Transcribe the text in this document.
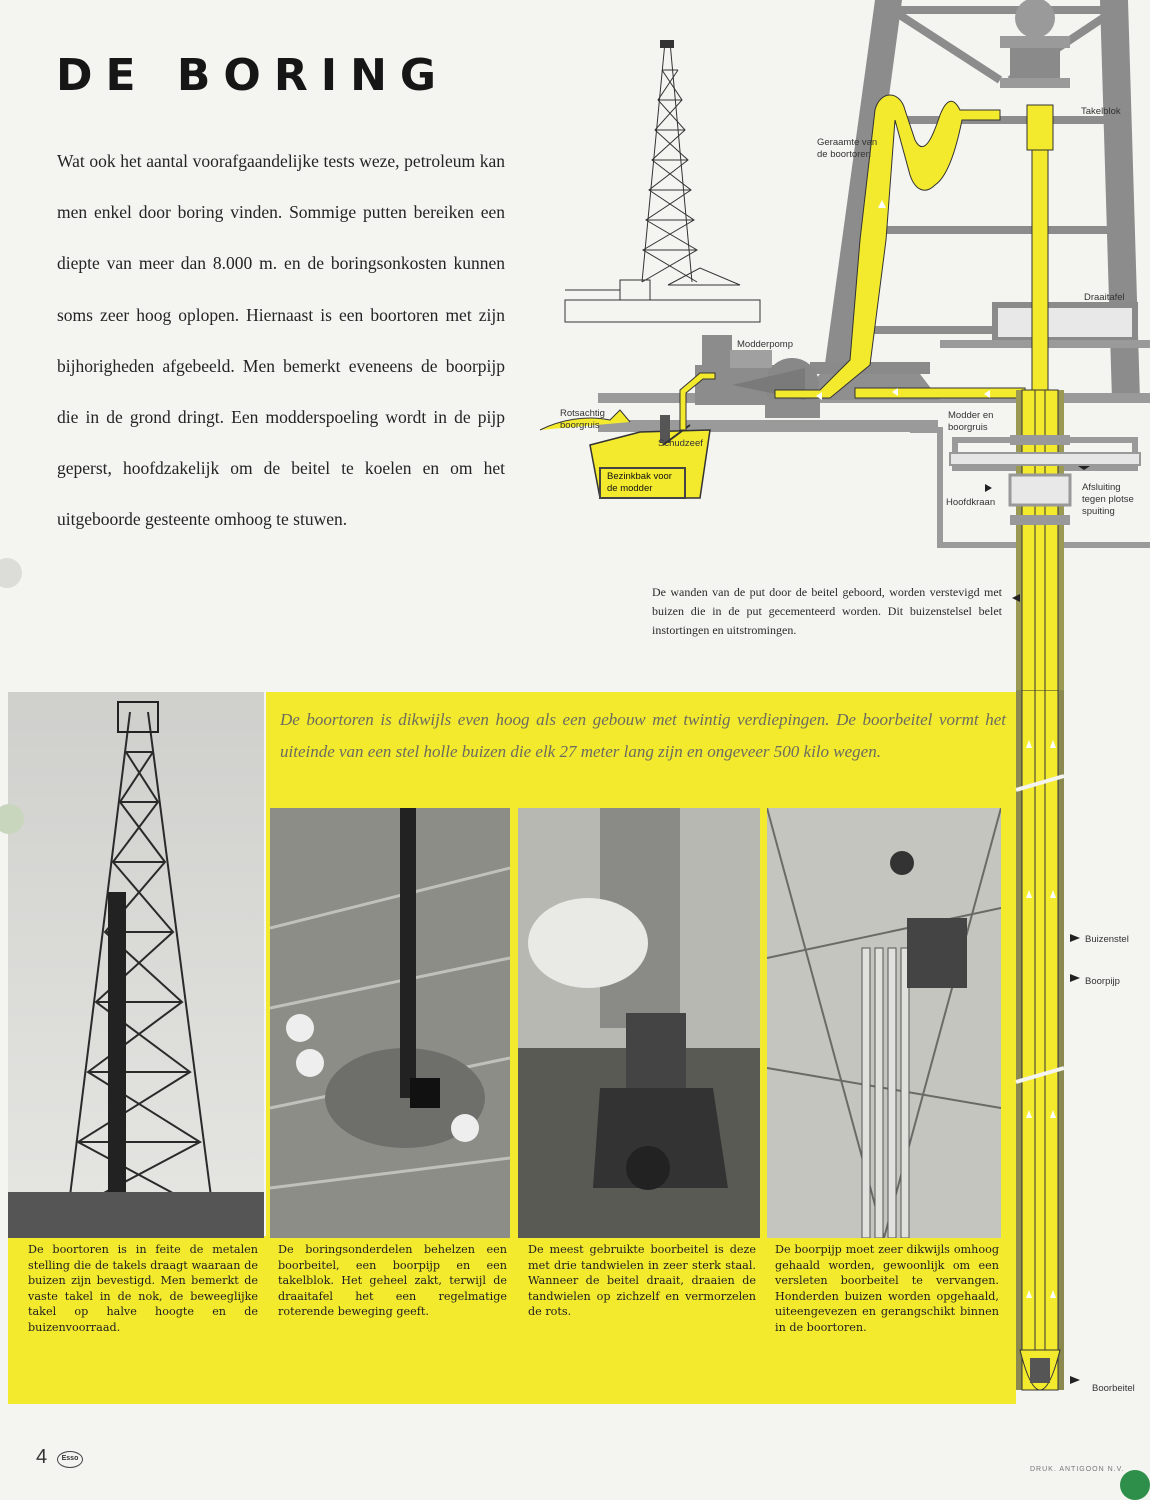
DE BORING

Wat ook het aantal voorafgaandelijke tests weze, petroleum kan men enkel door boring vinden. Sommige putten bereiken een diepte van meer dan 8.000 m. en de boringsonkosten kunnen soms zeer hoog oplopen. Hiernaast is een boortoren met zijn bijhorigheden afgebeeld. Men bemerkt eveneens de boorpijp die in de grond dringt. Een modderspoeling wordt in de pijp geperst, hoofdzakelijk om de beitel te koelen en om het uitgeboorde gesteente omhoog te stuwen.

Takelblok
Geraamte van de boortoren
Draaitafel
Modderpomp
Rotsachtig boorgruis
Schudzeef
Modder en boorgruis
Bezinkbak voor de modder
Hoofdkraan
Afsluiting tegen plotse spuiting

De wanden van de put door de beitel geboord, worden verstevigd met buizen die in de put gecementeerd worden. Dit buizenstelsel belet instortingen en uitstromingen.

Buizenstel
Boorpijp
Boorbeitel

De boortoren is dikwijls even hoog als een gebouw met twintig verdiepingen. De boorbeitel vormt het uiteinde van een stel holle buizen die elk 27 meter lang zijn en ongeveer 500 kilo wegen.

De boortoren is in feite de metalen stelling die de takels draagt waaraan de buizen zijn bevestigd. Men bemerkt de vaste takel in de nok, de beweeglijke takel op halve hoogte en de buizenvoorraad.

De boringsonderdelen behelzen een boorbeitel, een boorpijp en een takelblok. Het geheel zakt, terwijl de draaitafel het een regelmatige roterende beweging geeft.

De meest gebruikte boorbeitel is deze met drie tandwielen in zeer sterk staal. Wanneer de beitel draait, draaien de tandwielen op zichzelf en vermorzelen de rots.

De boorpijp moet zeer dikwijls omhoog gehaald worden, gewoonlijk om een versleten boorbeitel te vervangen. Honderden buizen worden opgehaald, uiteengevezen en gerangschikt binnen in de boortoren.

4	Esso
DRUK. ANTIGOON N.V.
